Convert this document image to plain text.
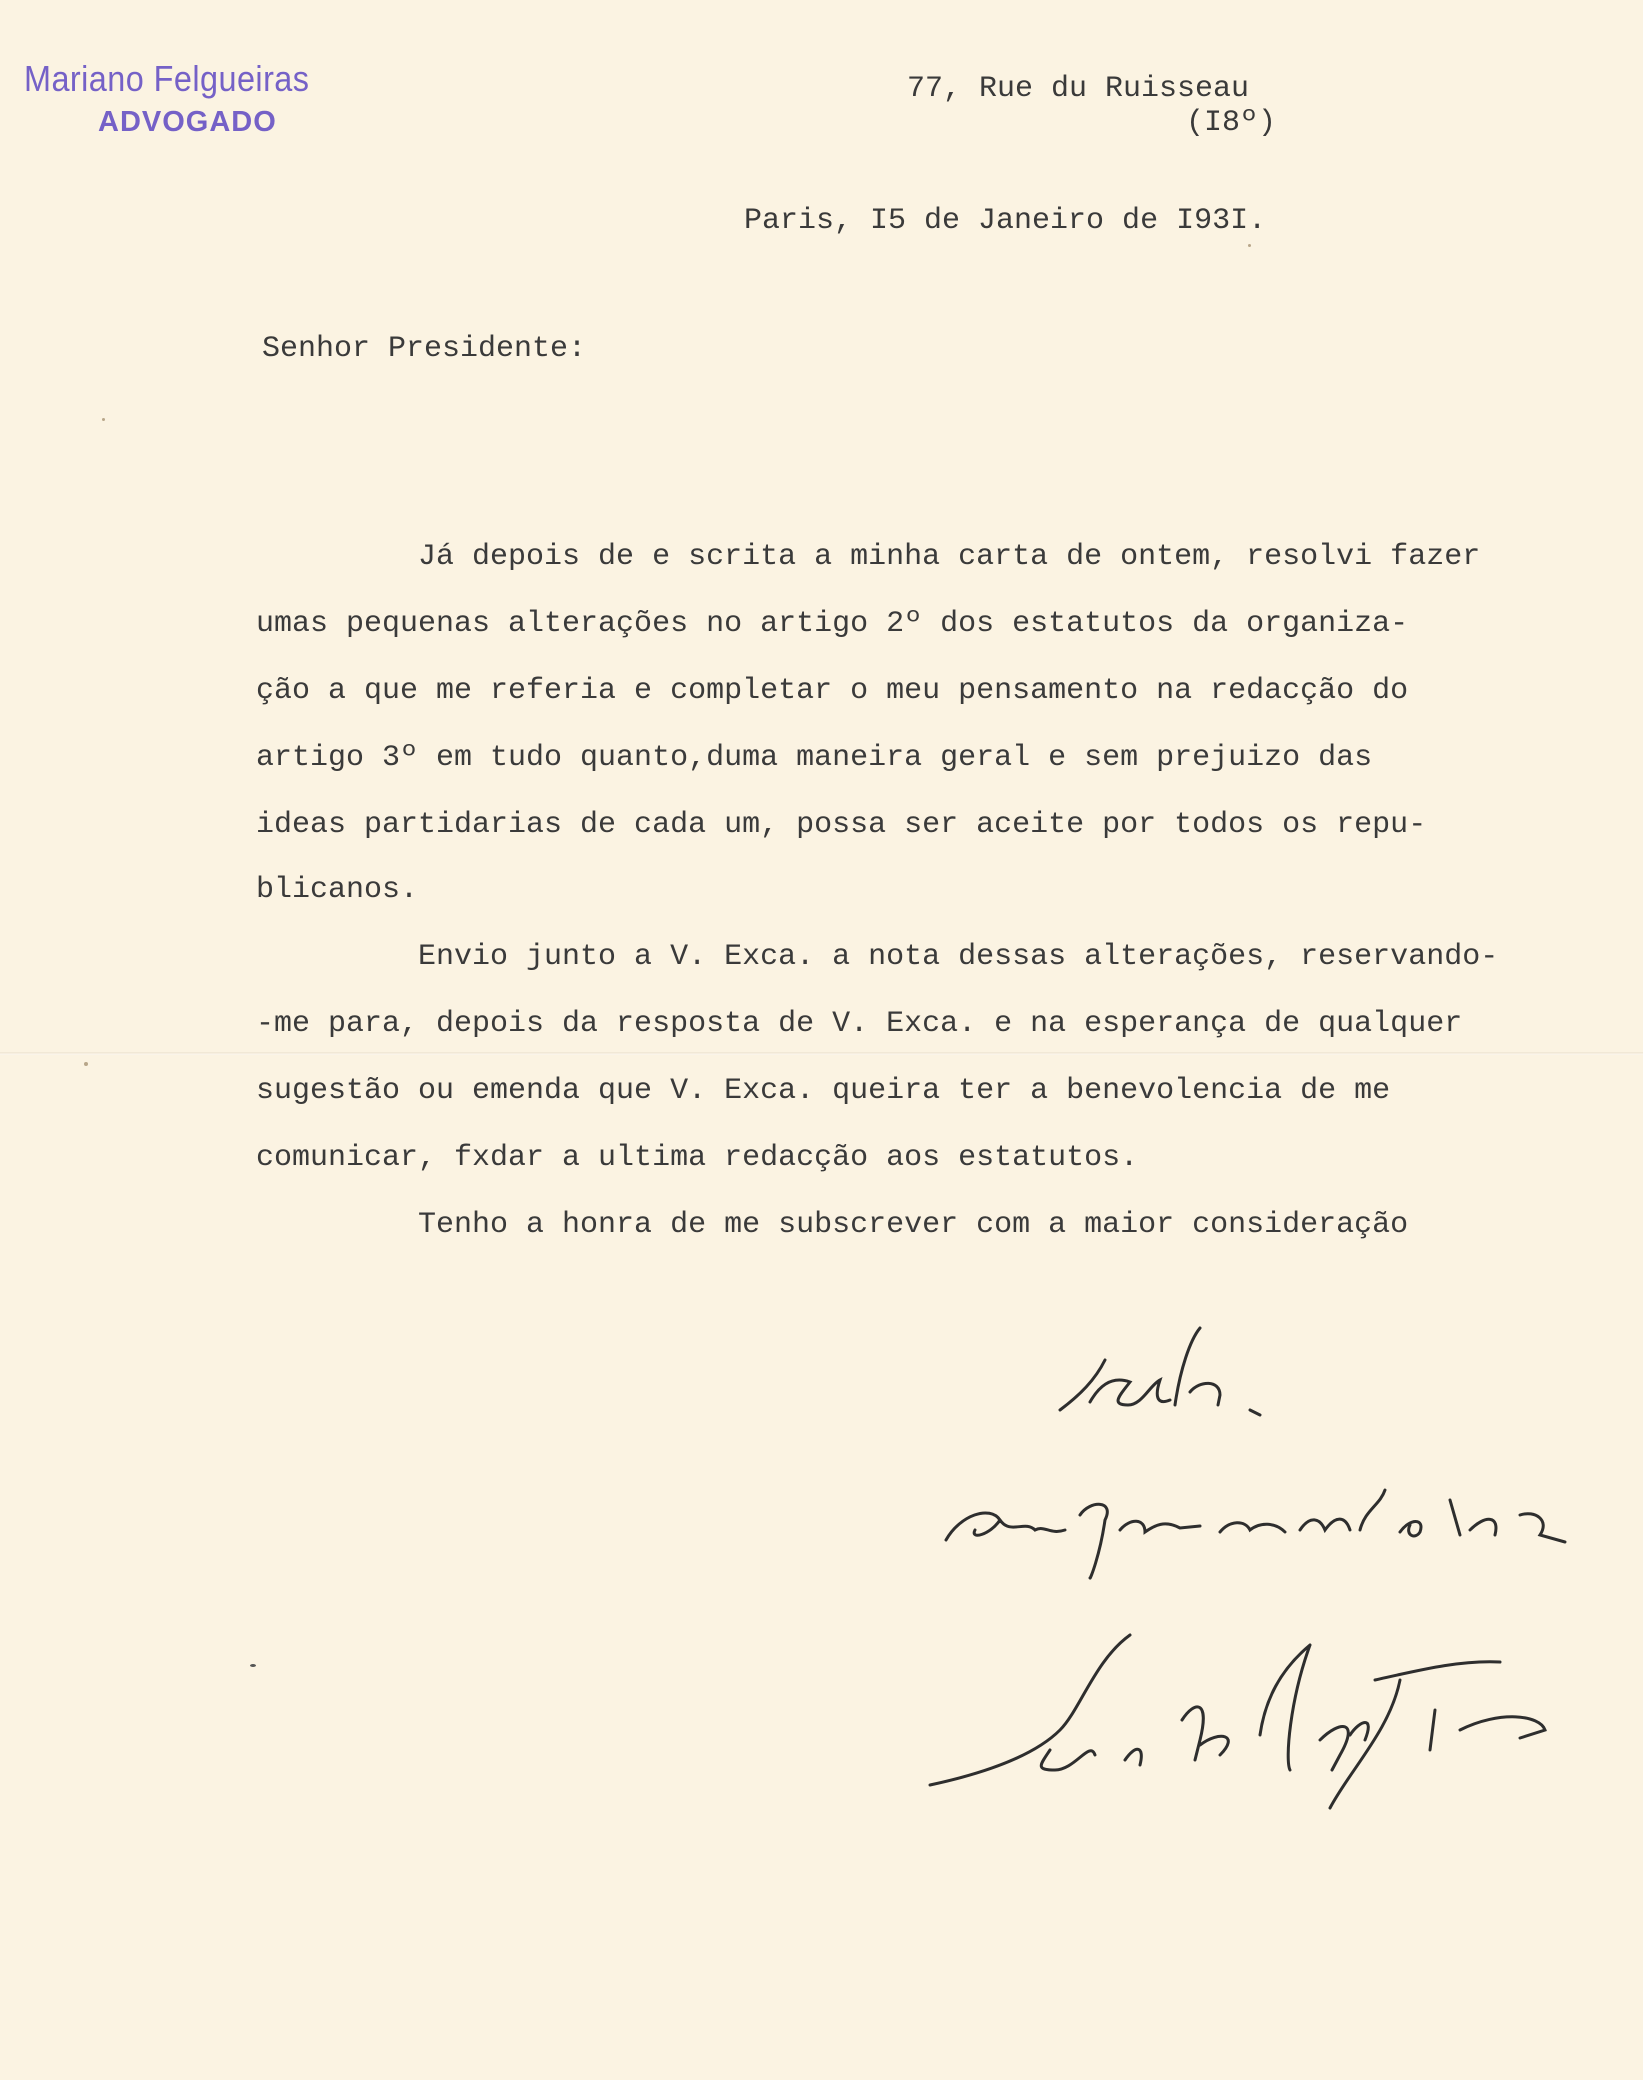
Mariano Felgueiras
ADVOGADO
77, Rue du Ruisseau
(I8º)
Paris, I5 de Janeiro de I93I.
Senhor Presidente:
Já depois de e scrita a minha carta de ontem, resolvi fazer
umas pequenas alterações no artigo 2º dos estatutos da organiza-
ção a que me referia e completar o meu pensamento na redacção do
artigo 3º em tudo quanto,duma maneira geral e sem prejuizo das
ideas partidarias de cada um, possa ser aceite por todos os repu-
blicanos.
Envio junto a V. Exca. a nota dessas alterações, reservando-
-me para, depois da resposta de V. Exca. e na esperança de qualquer
sugestão ou emenda que V. Exca. queira ter a benevolencia de me
comunicar, fxdar a ultima redacção aos estatutos.
Tenho a honra de me subscrever com a maior consideração
